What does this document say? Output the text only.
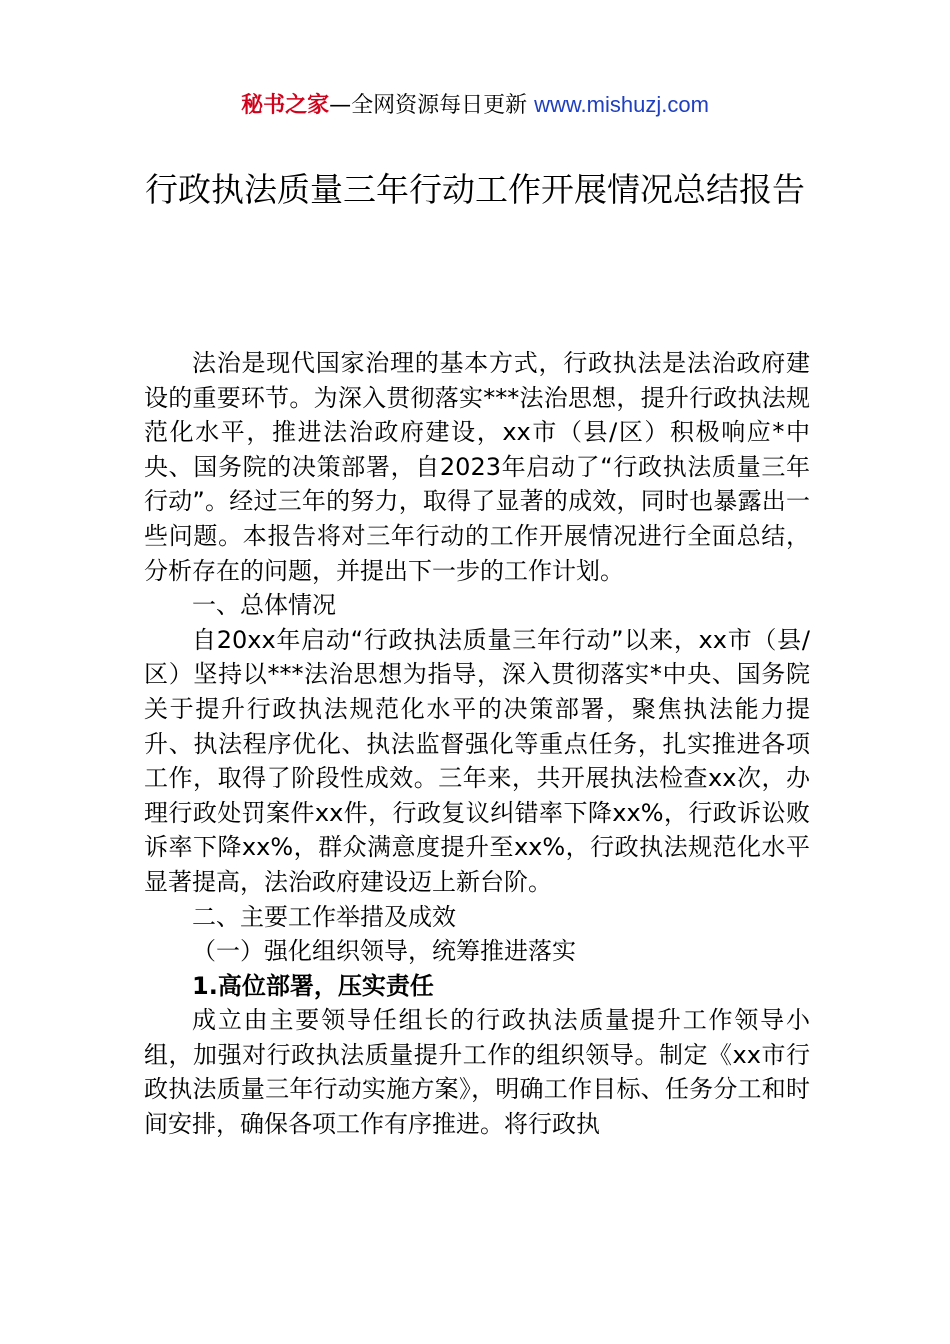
秘书之家—全网资源每日更新 www.mishuzj.com
行政执法质量三年行动工作开展情况总结报告

法治是现代国家治理的基本方式，行政执法是法治政府建设的重要环节。为深入贯彻落实***法治思想，提升行政执法规范化水平，推进法治政府建设，xx市（县/区）积极响应*中央、国务院的决策部署，自2023年启动了“行政执法质量三年行动”。经过三年的努力，取得了显著的成效，同时也暴露出一些问题。本报告将对三年行动的工作开展情况进行全面总结，分析存在的问题，并提出下一步的工作计划。

一、总体情况

自20xx年启动“行政执法质量三年行动”以来，xx市（县/区）坚持以***法治思想为指导，深入贯彻落实*中央、国务院关于提升行政执法规范化水平的决策部署，聚焦执法能力提升、执法程序优化、执法监督强化等重点任务，扎实推进各项工作，取得了阶段性成效。三年来，共开展执法检查xx次，办理行政处罚案件xx件，行政复议纠错率下降xx%，行政诉讼败诉率下降xx%，群众满意度提升至xx%，行政执法规范化水平显著提高，法治政府建设迈上新台阶。

二、主要工作举措及成效

（一）强化组织领导，统筹推进落实

1.高位部署，压实责任

成立由主要领导任组长的行政执法质量提升工作领导小组，加强对行政执法质量提升工作的组织领导。制定《xx市行政执法质量三年行动实施方案》，明确工作目标、任务分工和时间安排，确保各项工作有序推进。将行政执
